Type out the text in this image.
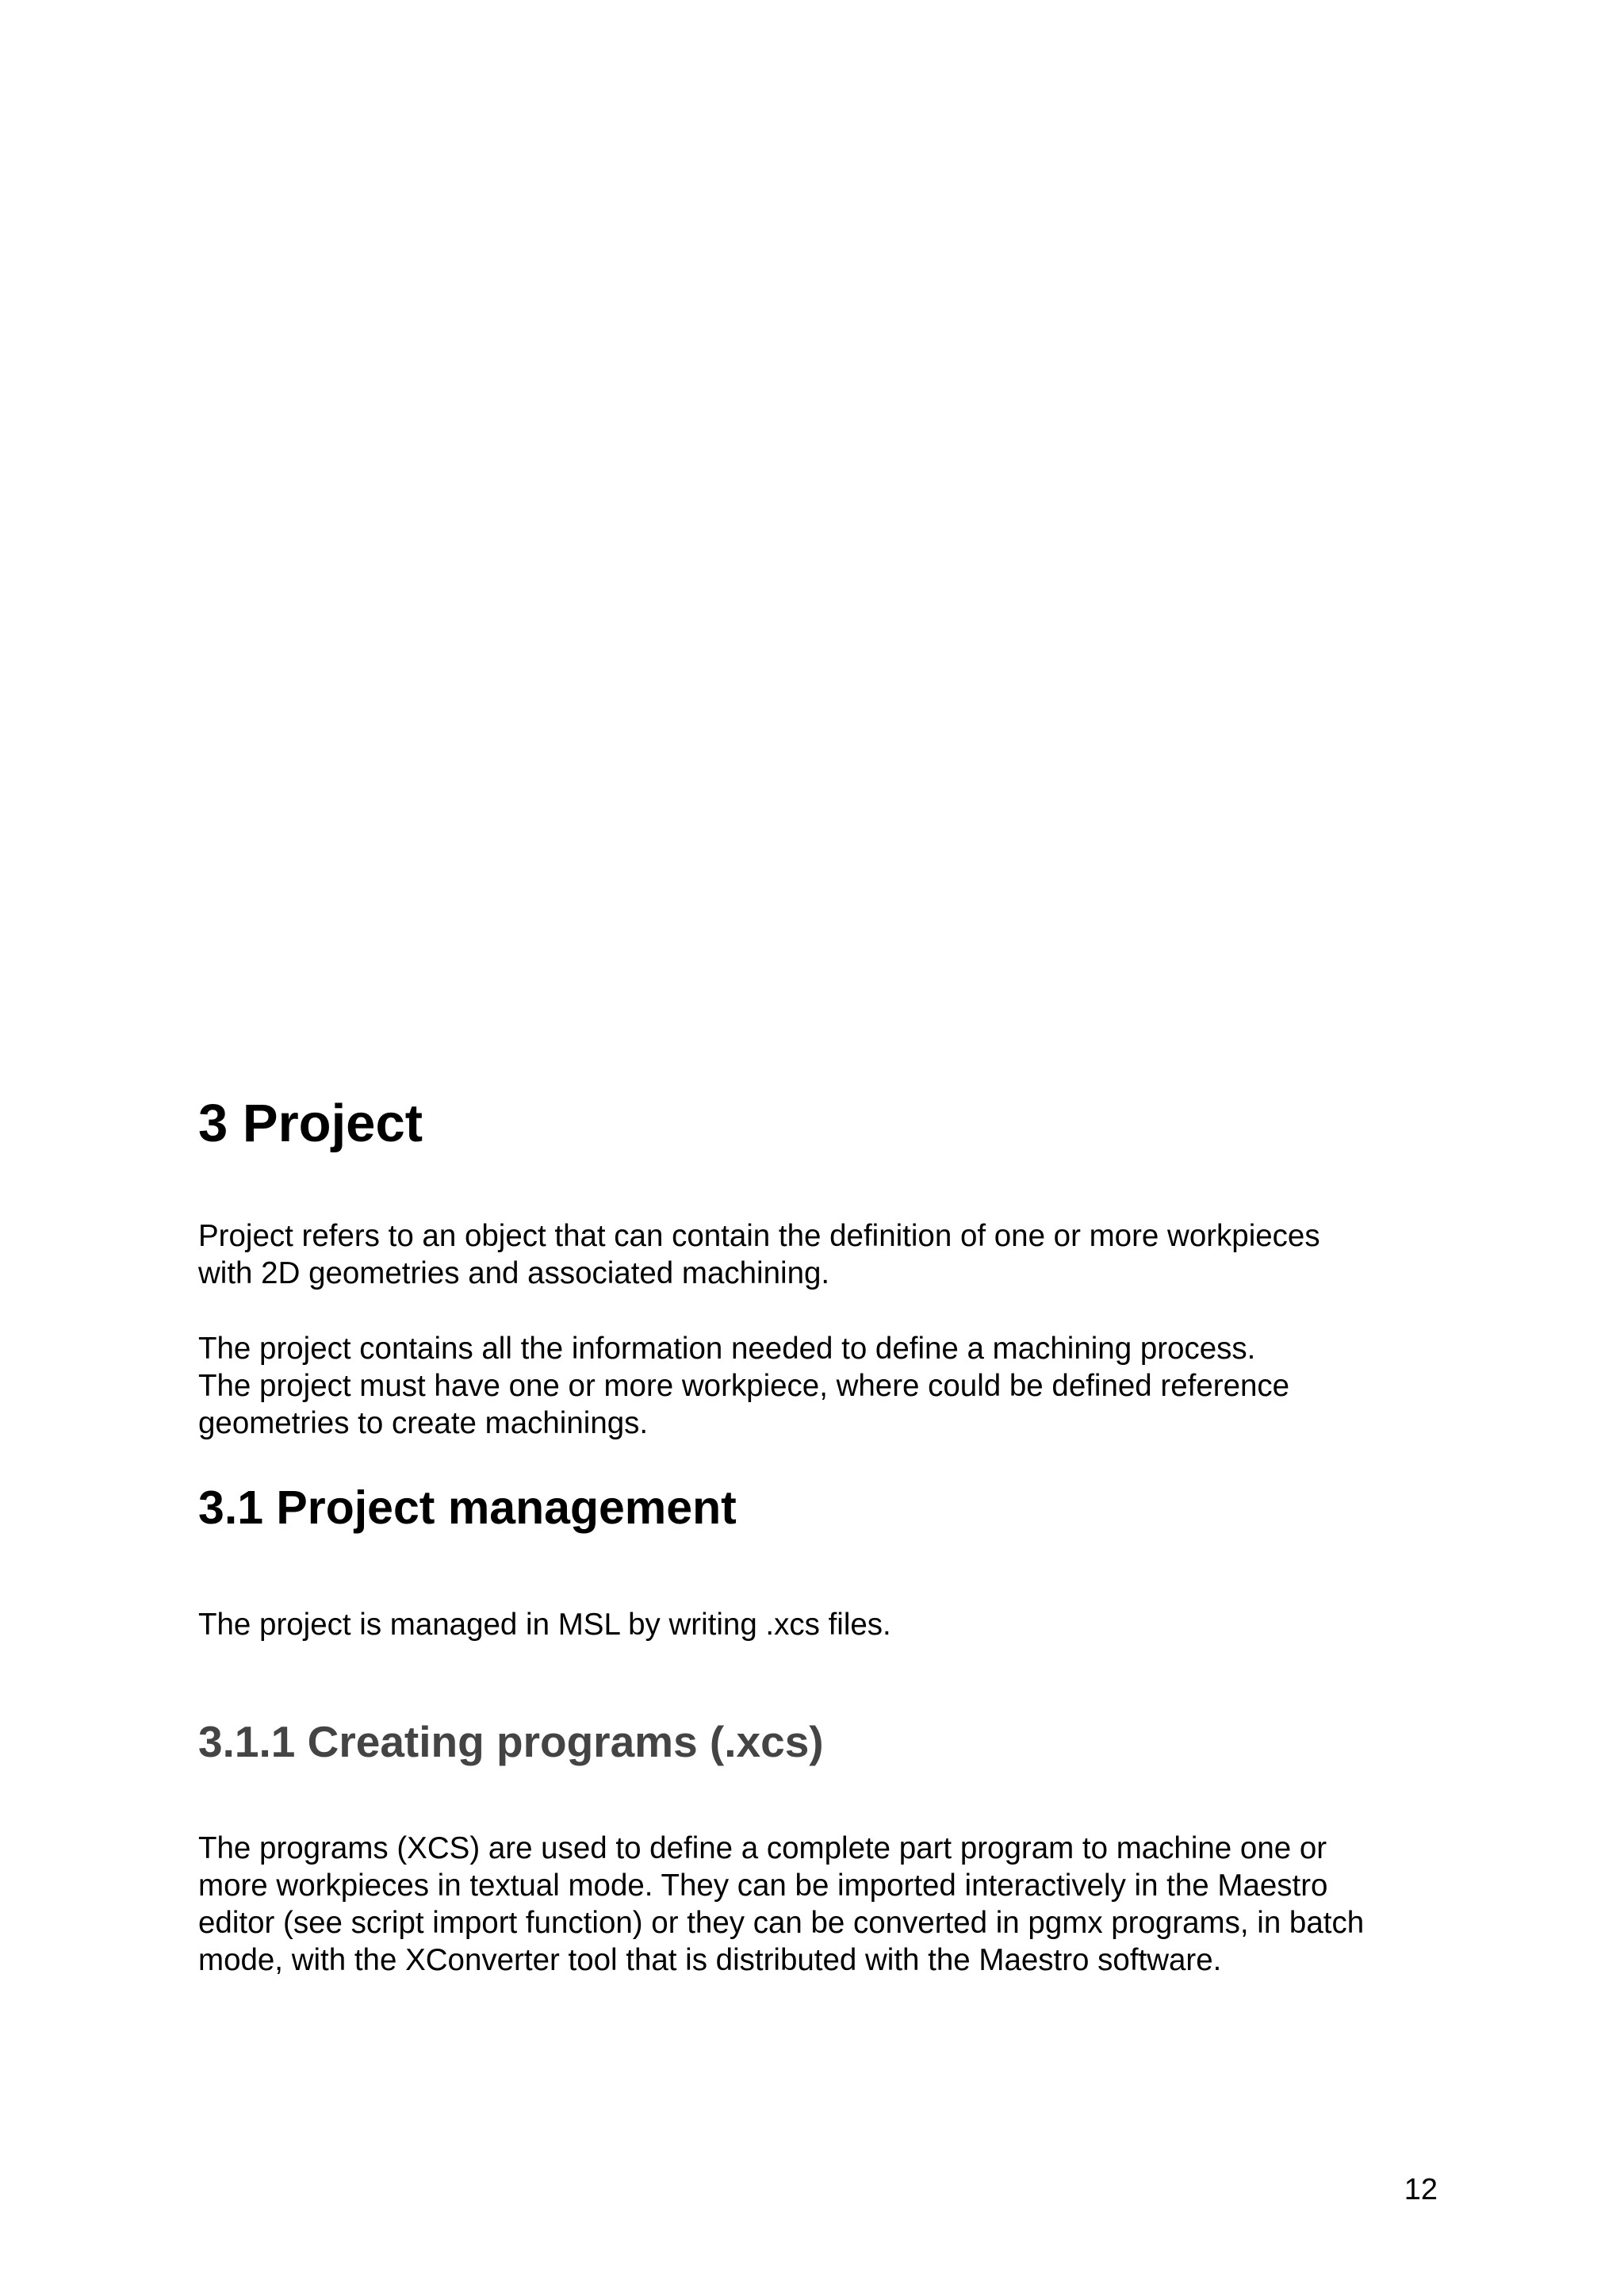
3 Project

Project refers to an object that can contain the definition of one or more workpieces
with 2D geometries and associated machining.

The project contains all the information needed to define a machining process.
The project must have one or more workpiece, where could be defined reference
geometries to create machinings.

3.1 Project management

The project is managed in MSL by writing .xcs files.

3.1.1 Creating programs (.xcs)

The programs (XCS) are used to define a complete part program to machine one or
more workpieces in textual mode. They can be imported interactively in the Maestro
editor (see script import function) or they can be converted in pgmx programs, in batch
mode, with the XConverter tool that is distributed with the Maestro software.

12
